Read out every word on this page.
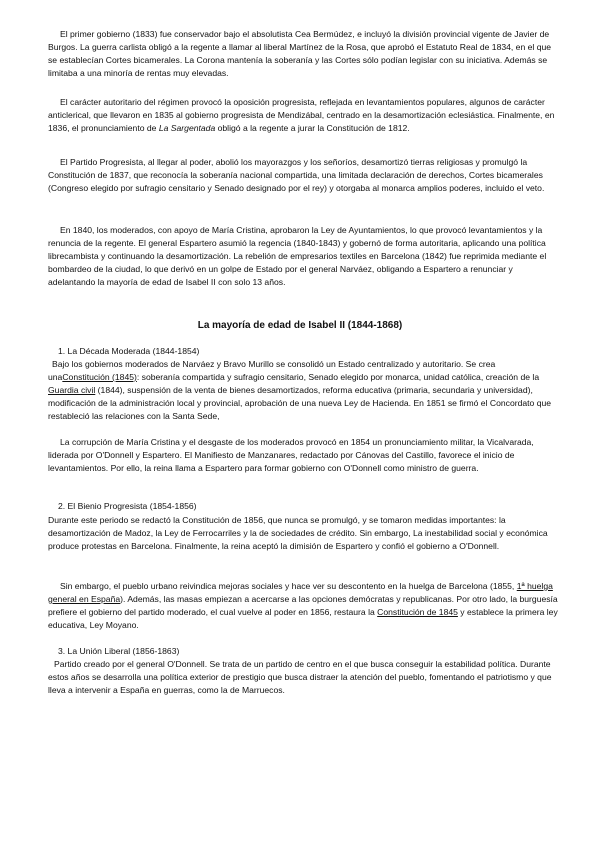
El primer gobierno (1833) fue conservador bajo el absolutista Cea Bermúdez, e incluyó la división provincial vigente de Javier de Burgos. La guerra carlista obligó a la regente a llamar al liberal Martínez de la Rosa, que aprobó el Estatuto Real de 1834, en el que se establecían Cortes bicamerales. La Corona mantenía la soberanía y las Cortes sólo podían legislar con su iniciativa. Además se limitaba a una minoría de rentas muy elevadas.

El carácter autoritario del régimen provocó la oposición progresista, reflejada en levantamientos populares, algunos de carácter anticlerical, que llevaron en 1835 al gobierno progresista de Mendizábal, centrado en la desamortización eclesiástica. Finalmente, en 1836, el pronunciamiento de La Sargentada obligó a la regente a jurar la Constitución de 1812.

El Partido Progresista, al llegar al poder, abolió los mayorazgos y los señoríos, desamortizó tierras religiosas y promulgó la Constitución de 1837, que reconocía la soberanía nacional compartida, una limitada declaración de derechos, Cortes bicamerales (Congreso elegido por sufragio censitario y Senado designado por el rey) y otorgaba al monarca amplios poderes, incluido el veto.

En 1840, los moderados, con apoyo de María Cristina, aprobaron la Ley de Ayuntamientos, lo que provocó levantamientos y la renuncia de la regente. El general Espartero asumió la regencia (1840-1843) y gobernó de forma autoritaria, aplicando una política librecambista y continuando la desamortización. La rebelión de empresarios textiles en Barcelona (1842) fue reprimida mediante el bombardeo de la ciudad, lo que derivó en un golpe de Estado por el general Narváez, obligando a Espartero a renunciar y adelantando la mayoría de edad de Isabel II con solo 13 años.

La mayoría de edad de Isabel II (1844-1868)

1. La Década Moderada (1844-1854)

Bajo los gobiernos moderados de Narváez y Bravo Murillo se consolidó un Estado centralizado y autoritario. Se crea unaConstitución (1845): soberanía compartida y sufragio censitario, Senado elegido por monarca, unidad católica, creación de la Guardia civil (1844), suspensión de la venta de bienes desamortizados, reforma educativa (primaria, secundaria y universidad), modificación de la administración local y provincial, aprobación de una nueva Ley de Hacienda. En 1851 se firmó el Concordato que restableció las relaciones con la Santa Sede,

La corrupción de María Cristina y el desgaste de los moderados provocó en 1854 un pronunciamiento militar, la Vicalvarada, liderada por O'Donnell y Espartero. El Manifiesto de Manzanares, redactado por Cánovas del Castillo, favorece el inicio de levantamientos. Por ello, la reina llama a Espartero para formar gobierno con O'Donnell como ministro de guerra.

2. El Bienio Progresista (1854-1856)

Durante este periodo se redactó la Constitución de 1856, que nunca se promulgó, y se tomaron medidas importantes: la desamortización de Madoz, la Ley de Ferrocarriles y la de sociedades de crédito. Sin embargo, La inestabilidad social y económica produce protestas en Barcelona. Finalmente, la reina aceptó la dimisión de Espartero y confió el gobierno a O'Donnell.

Sin embargo, el pueblo urbano reivindica mejoras sociales y hace ver su descontento en la huelga de Barcelona (1855, 1ª huelga general en España). Además, las masas empiezan a acercarse a las opciones demócratas y republicanas. Por otro lado, la burguesía prefiere el gobierno del partido moderado, el cual vuelve al poder en 1856, restaura la Constitución de 1845 y establece la primera ley educativa, Ley Moyano.

3. La Unión Liberal (1856-1863)

Partido creado por el general O'Donnell. Se trata de un partido de centro en el que busca conseguir la estabilidad política. Durante estos años se desarrolla una política exterior de prestigio que busca distraer la atención del pueblo, fomentando el patriotismo y que lleva a intervenir a España en guerras, como la de Marruecos.
